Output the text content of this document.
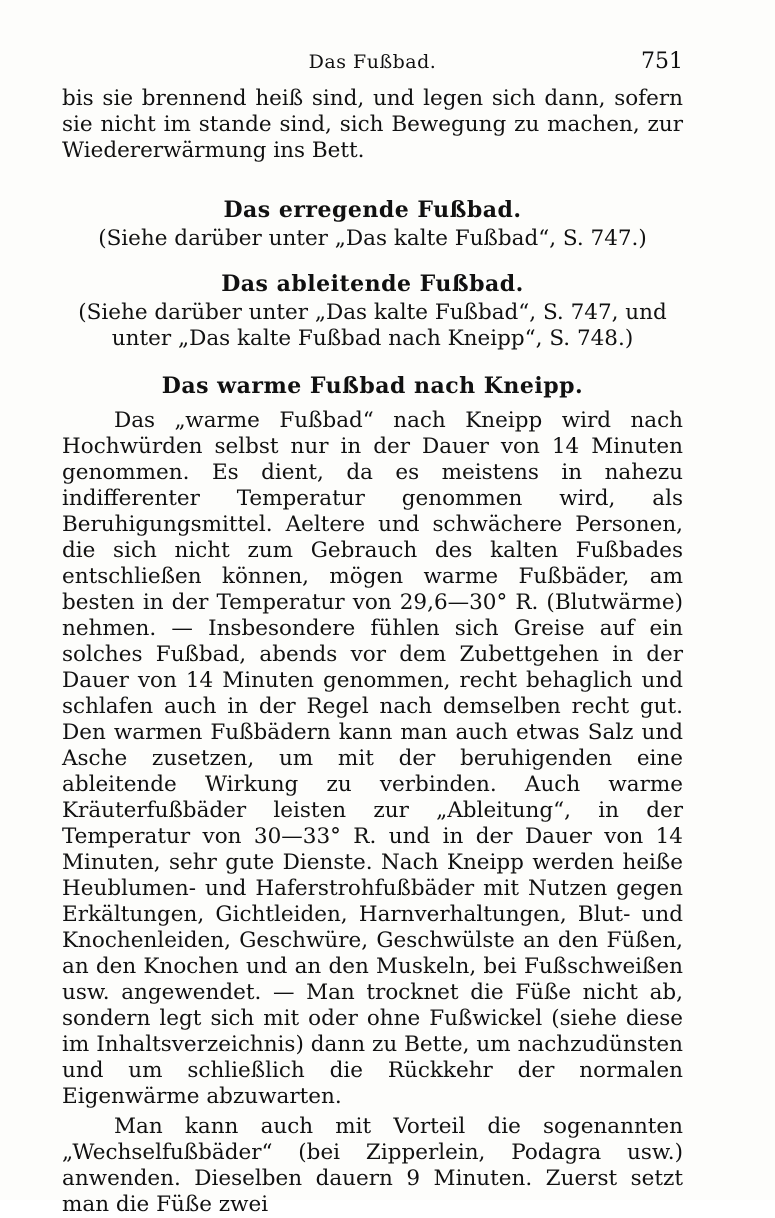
Das Fußbad.	751

bis sie brennend heiß sind, und legen sich dann, sofern sie nicht im stande sind, sich Bewegung zu machen, zur Wiedererwärmung ins Bett.

Das erregende Fußbad.

(Siehe darüber unter „Das kalte Fußbad“, S. 747.)

Das ableitende Fußbad.

(Siehe darüber unter „Das kalte Fußbad“, S. 747, und

unter „Das kalte Fußbad nach Kneipp“, S. 748.)

Das warme Fußbad nach Kneipp.

Das „warme Fußbad“ nach Kneipp wird nach Hochwürden selbst nur in der Dauer von 14 Minuten genommen. Es dient, da es meistens in nahezu indifferenter Temperatur genommen wird, als Beruhigungsmittel. Aeltere und schwächere Personen, die sich nicht zum Gebrauch des kalten Fußbades entschließen können, mögen warme Fußbäder, am besten in der Temperatur von 29,6—30° R. (Blutwärme) nehmen. — Insbesondere fühlen sich Greise auf ein solches Fußbad, abends vor dem Zubettgehen in der Dauer von 14 Minuten genommen, recht behaglich und schlafen auch in der Regel nach demselben recht gut. Den warmen Fußbädern kann man auch etwas Salz und Asche zusetzen, um mit der beruhigenden eine ableitende Wirkung zu verbinden. Auch warme Kräuterfußbäder leisten zur „Ableitung“, in der Temperatur von 30—33° R. und in der Dauer von 14 Minuten, sehr gute Dienste. Nach Kneipp werden heiße Heublumen- und Haferstrohfußbäder mit Nutzen gegen Erkältungen, Gichtleiden, Harnverhaltungen, Blut- und Knochenleiden, Geschwüre, Geschwülste an den Füßen, an den Knochen und an den Muskeln, bei Fußschweißen usw. angewendet. — Man trocknet die Füße nicht ab, sondern legt sich mit oder ohne Fußwickel (siehe diese im Inhaltsverzeichnis) dann zu Bette, um nachzudünsten und um schließlich die Rückkehr der normalen Eigenwärme abzuwarten.

Man kann auch mit Vorteil die sogenannten „Wechselfußbäder“ (bei Zipperlein, Podagra usw.) anwenden. Dieselben dauern 9 Minuten. Zuerst setzt man die Füße zwei
